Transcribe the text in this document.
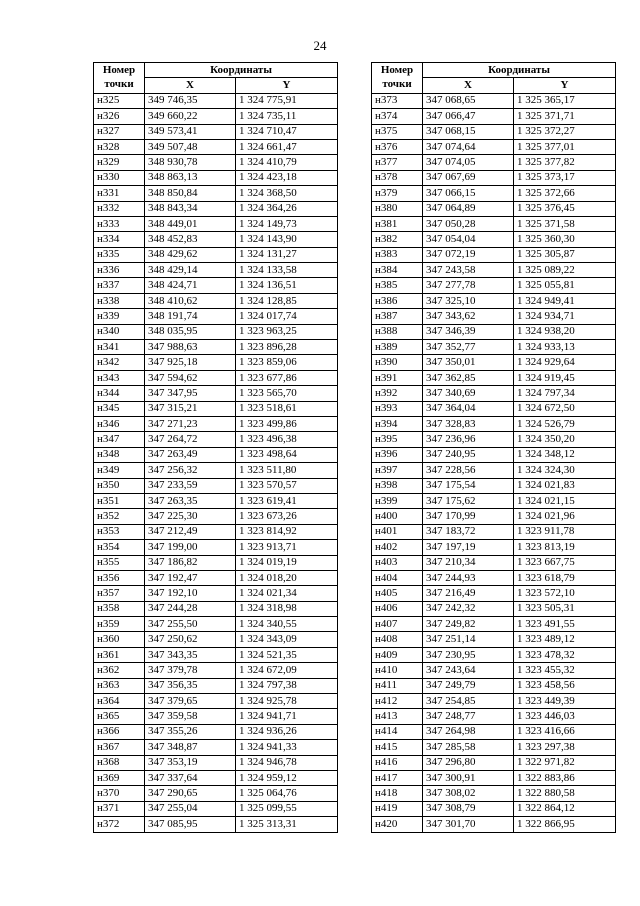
24
Номер
точки	Координаты	
	X	Y
н325	349 746,35	1 324 775,91
н326	349 660,22	1 324 735,11
н327	349 573,41	1 324 710,47
н328	349 507,48	1 324 661,47
н329	348 930,78	1 324 410,79
н330	348 863,13	1 324 423,18
н331	348 850,84	1 324 368,50
н332	348 843,34	1 324 364,26
н333	348 449,01	1 324 149,73
н334	348 452,83	1 324 143,90
н335	348 429,62	1 324 131,27
н336	348 429,14	1 324 133,58
н337	348 424,71	1 324 136,51
н338	348 410,62	1 324 128,85
н339	348 191,74	1 324 017,74
н340	348 035,95	1 323 963,25
н341	347 988,63	1 323 896,28
н342	347 925,18	1 323 859,06
н343	347 594,62	1 323 677,86
н344	347 347,95	1 323 565,70
н345	347 315,21	1 323 518,61
н346	347 271,23	1 323 499,86
н347	347 264,72	1 323 496,38
н348	347 263,49	1 323 498,64
н349	347 256,32	1 323 511,80
н350	347 233,59	1 323 570,57
н351	347 263,35	1 323 619,41
н352	347 225,30	1 323 673,26
н353	347 212,49	1 323 814,92
н354	347 199,00	1 323 913,71
н355	347 186,82	1 324 019,19
н356	347 192,47	1 324 018,20
н357	347 192,10	1 324 021,34
н358	347 244,28	1 324 318,98
н359	347 255,50	1 324 340,55
н360	347 250,62	1 324 343,09
н361	347 343,35	1 324 521,35
н362	347 379,78	1 324 672,09
н363	347 356,35	1 324 797,38
н364	347 379,65	1 324 925,78
н365	347 359,58	1 324 941,71
н366	347 355,26	1 324 936,26
н367	347 348,87	1 324 941,33
н368	347 353,19	1 324 946,78
н369	347 337,64	1 324 959,12
н370	347 290,65	1 325 064,76
н371	347 255,04	1 325 099,55
н372	347 085,95	1 325 313,31
Номер
точки	Координаты	
	X	Y
н373	347 068,65	1 325 365,17
н374	347 066,47	1 325 371,71
н375	347 068,15	1 325 372,27
н376	347 074,64	1 325 377,01
н377	347 074,05	1 325 377,82
н378	347 067,69	1 325 373,17
н379	347 066,15	1 325 372,66
н380	347 064,89	1 325 376,45
н381	347 050,28	1 325 371,58
н382	347 054,04	1 325 360,30
н383	347 072,19	1 325 305,87
н384	347 243,58	1 325 089,22
н385	347 277,78	1 325 055,81
н386	347 325,10	1 324 949,41
н387	347 343,62	1 324 934,71
н388	347 346,39	1 324 938,20
н389	347 352,77	1 324 933,13
н390	347 350,01	1 324 929,64
н391	347 362,85	1 324 919,45
н392	347 340,69	1 324 797,34
н393	347 364,04	1 324 672,50
н394	347 328,83	1 324 526,79
н395	347 236,96	1 324 350,20
н396	347 240,95	1 324 348,12
н397	347 228,56	1 324 324,30
н398	347 175,54	1 324 021,83
н399	347 175,62	1 324 021,15
н400	347 170,99	1 324 021,96
н401	347 183,72	1 323 911,78
н402	347 197,19	1 323 813,19
н403	347 210,34	1 323 667,75
н404	347 244,93	1 323 618,79
н405	347 216,49	1 323 572,10
н406	347 242,32	1 323 505,31
н407	347 249,82	1 323 491,55
н408	347 251,14	1 323 489,12
н409	347 230,95	1 323 478,32
н410	347 243,64	1 323 455,32
н411	347 249,79	1 323 458,56
н412	347 254,85	1 323 449,39
н413	347 248,77	1 323 446,03
н414	347 264,98	1 323 416,66
н415	347 285,58	1 323 297,38
н416	347 296,80	1 322 971,82
н417	347 300,91	1 322 883,86
н418	347 308,02	1 322 880,58
н419	347 308,79	1 322 864,12
н420	347 301,70	1 322 866,95
